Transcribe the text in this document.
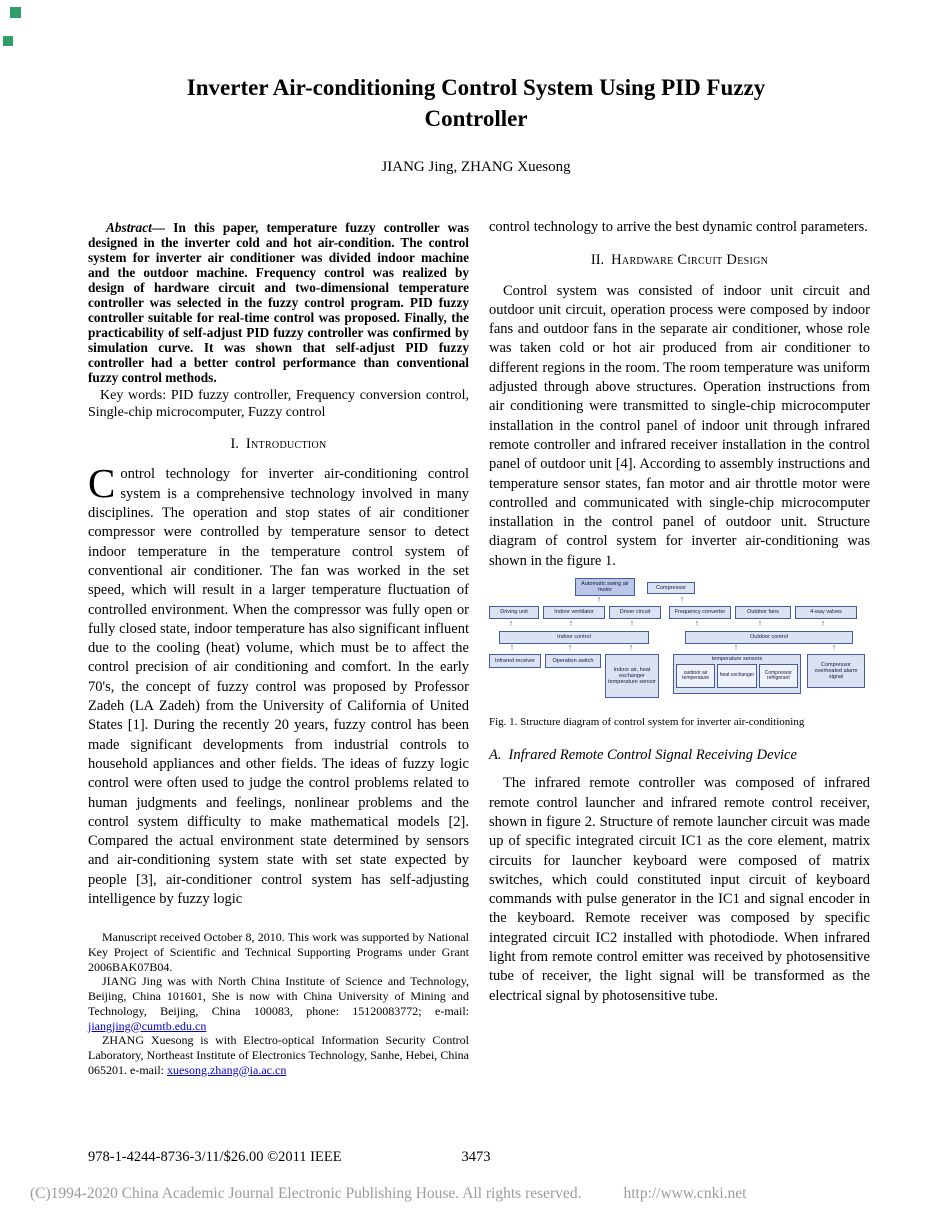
Inverter Air-conditioning Control System Using PID Fuzzy
Controller
JIANG Jing, ZHANG Xuesong

Abstract— In this paper, temperature fuzzy controller was designed in the inverter cold and hot air-condition. The control system for inverter air conditioner was divided indoor machine and the outdoor machine. Frequency control was realized by design of hardware circuit and two-dimensional temperature controller was selected in the fuzzy control program. PID fuzzy controller suitable for real-time control was proposed. Finally, the practicability of self-adjust PID fuzzy controller was confirmed by simulation curve. It was shown that self-adjust PID fuzzy controller had a better control performance than conventional fuzzy control methods.

Key words: PID fuzzy controller, Frequency conversion control, Single-chip microcomputer, Fuzzy control

I. Introduction

Control technology for inverter air-conditioning control system is a comprehensive technology involved in many disciplines. The operation and stop states of air conditioner compressor were controlled by temperature sensor to detect indoor temperature in the temperature control system of conventional air conditioner. The fan was worked in the set speed, which will result in a larger temperature fluctuation of controlled environment. When the compressor was fully open or fully closed state, indoor temperature has also significant influent due to the cooling (heat) volume, which must be to affect the control precision of air conditioning and comfort. In the early 70's, the concept of fuzzy control was proposed by Professor Zadeh (LA Zadeh) from the University of California of United States [1]. During the recently 20 years, fuzzy control has been made significant developments from industrial controls to household appliances and other fields. The ideas of fuzzy logic control were often used to judge the control problems related to human judgments and feelings, nonlinear problems and the control system difficulty to make mathematical models [2]. Compared the actual environment state determined by sensors and air-conditioning system state with set state expected by people [3], air-conditioner control system has self-adjusting intelligence by fuzzy logic

Manuscript received October 8, 2010. This work was supported by National Key Project of Scientific and Technical Supporting Programs under Grant 2006BAK07B04.

JIANG Jing was with North China Institute of Science and Technology, Beijing, China 101601, She is now with China University of Mining and Technology, Beijing, China 100083, phone: 15120083772; e-mail: jiangjing@cumtb.edu.cn

ZHANG Xuesong is with Electro-optical Information Security Control Laboratory, Northeast Institute of Electronics Technology, Sanhe, Hebei, China 065201. e-mail: xuesong.zhang@ia.ac.cn

control technology to arrive the best dynamic control parameters.

II. Hardware Circuit Design

Control system was consisted of indoor unit circuit and outdoor unit circuit, operation process were composed by indoor fans and outdoor fans in the separate air conditioner, whose role was taken cold or hot air produced from air conditioner to different regions in the room. The room temperature was uniform adjusted through above structures. Operation instructions from air conditioning were transmitted to single-chip microcomputer installation in the control panel of indoor unit through infrared remote controller and infrared receiver installation in the control panel of outdoor unit [4]. According to assembly instructions and temperature sensor states, fan motor and air throttle motor were controlled and communicated with single-chip microcomputer installation in the control panel of outdoor unit. Structure diagram of control system for inverter air-conditioning was shown in the figure 1.

Automatic swing air motor	Compressor
↑
↑
Driving unit	Indoor ventilator	Driver circuit	Frequency converter	Outdoor fans	4-way valves
↑
↑
↑
↑
↑
↑
Indoor control	Outdoor control
↑
↑
↑
↑
↑
Infrared receiver	Operation switch
Indoor air, heat exchanger temperature sensor
temperature sensors
outdoor air temperature	heat exchanger	Compressor refrigerant
Compressor overheated alarm signal

Fig. 1. Structure diagram of control system for inverter air-conditioning

A. Infrared Remote Control Signal Receiving Device

The infrared remote controller was composed of infrared remote control launcher and infrared remote control receiver, shown in figure 2. Structure of remote launcher circuit was made up of specific integrated circuit IC1 as the core element, matrix circuits for launcher keyboard were composed of matrix switches, which could constituted input circuit of keyboard commands with pulse generator in the IC1 and signal encoder in the keyboard. Remote receiver was composed by specific integrated circuit IC2 installed with photodiode. When infrared light from remote control emitter was received by photosensitive tube of receiver, the light signal will be transformed as the electrical signal by photosensitive tube.

978-1-4244-8736-3/11/$26.00 ©2011 IEEE	3473
(C)1994-2020 China Academic Journal Electronic Publishing House. All rights reserved.	http://www.cnki.net
